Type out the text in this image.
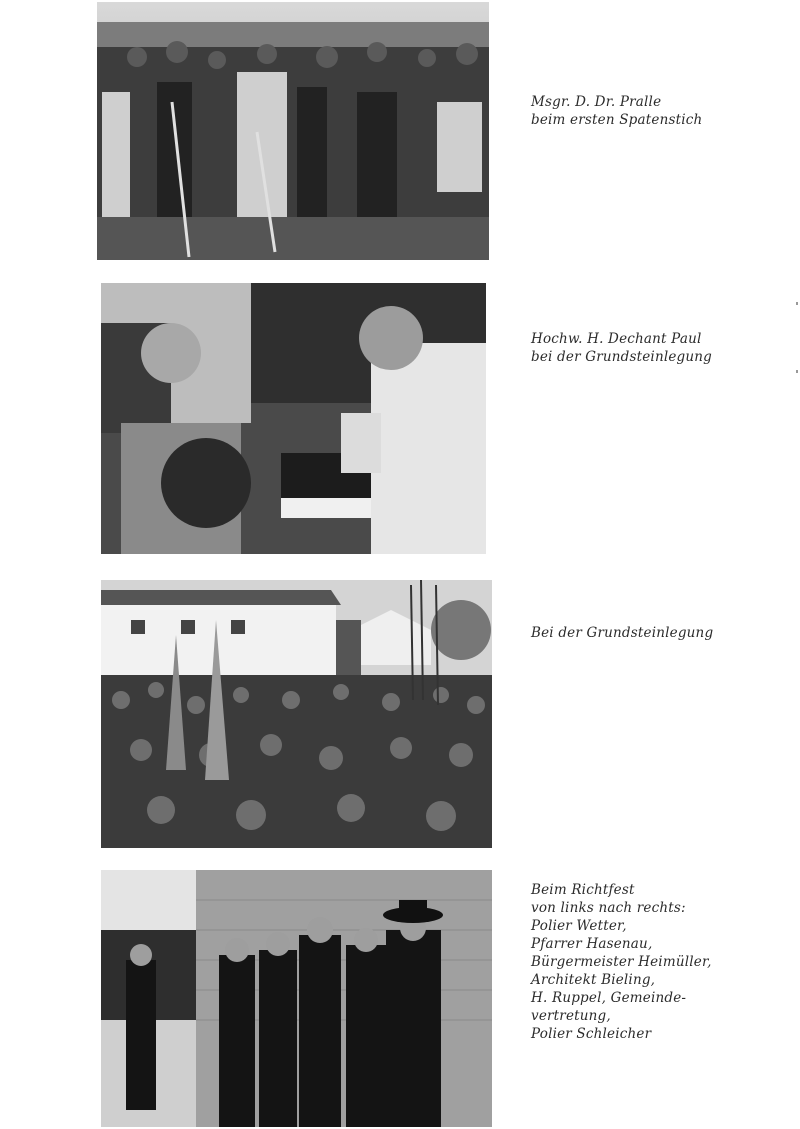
Msgr. D. Dr. Pralle
beim ersten Spatenstich
Hochw. H. Dechant Paul
bei der Grundsteinlegung
Bei der Grundsteinlegung
Beim Richtfest
von links nach rechts:
Polier Wetter,
Pfarrer Hasenau,
Bürgermeister Heimüller,
Architekt Bieling,
H. Ruppel, Gemeinde-
vertretung,
Polier Schleicher
